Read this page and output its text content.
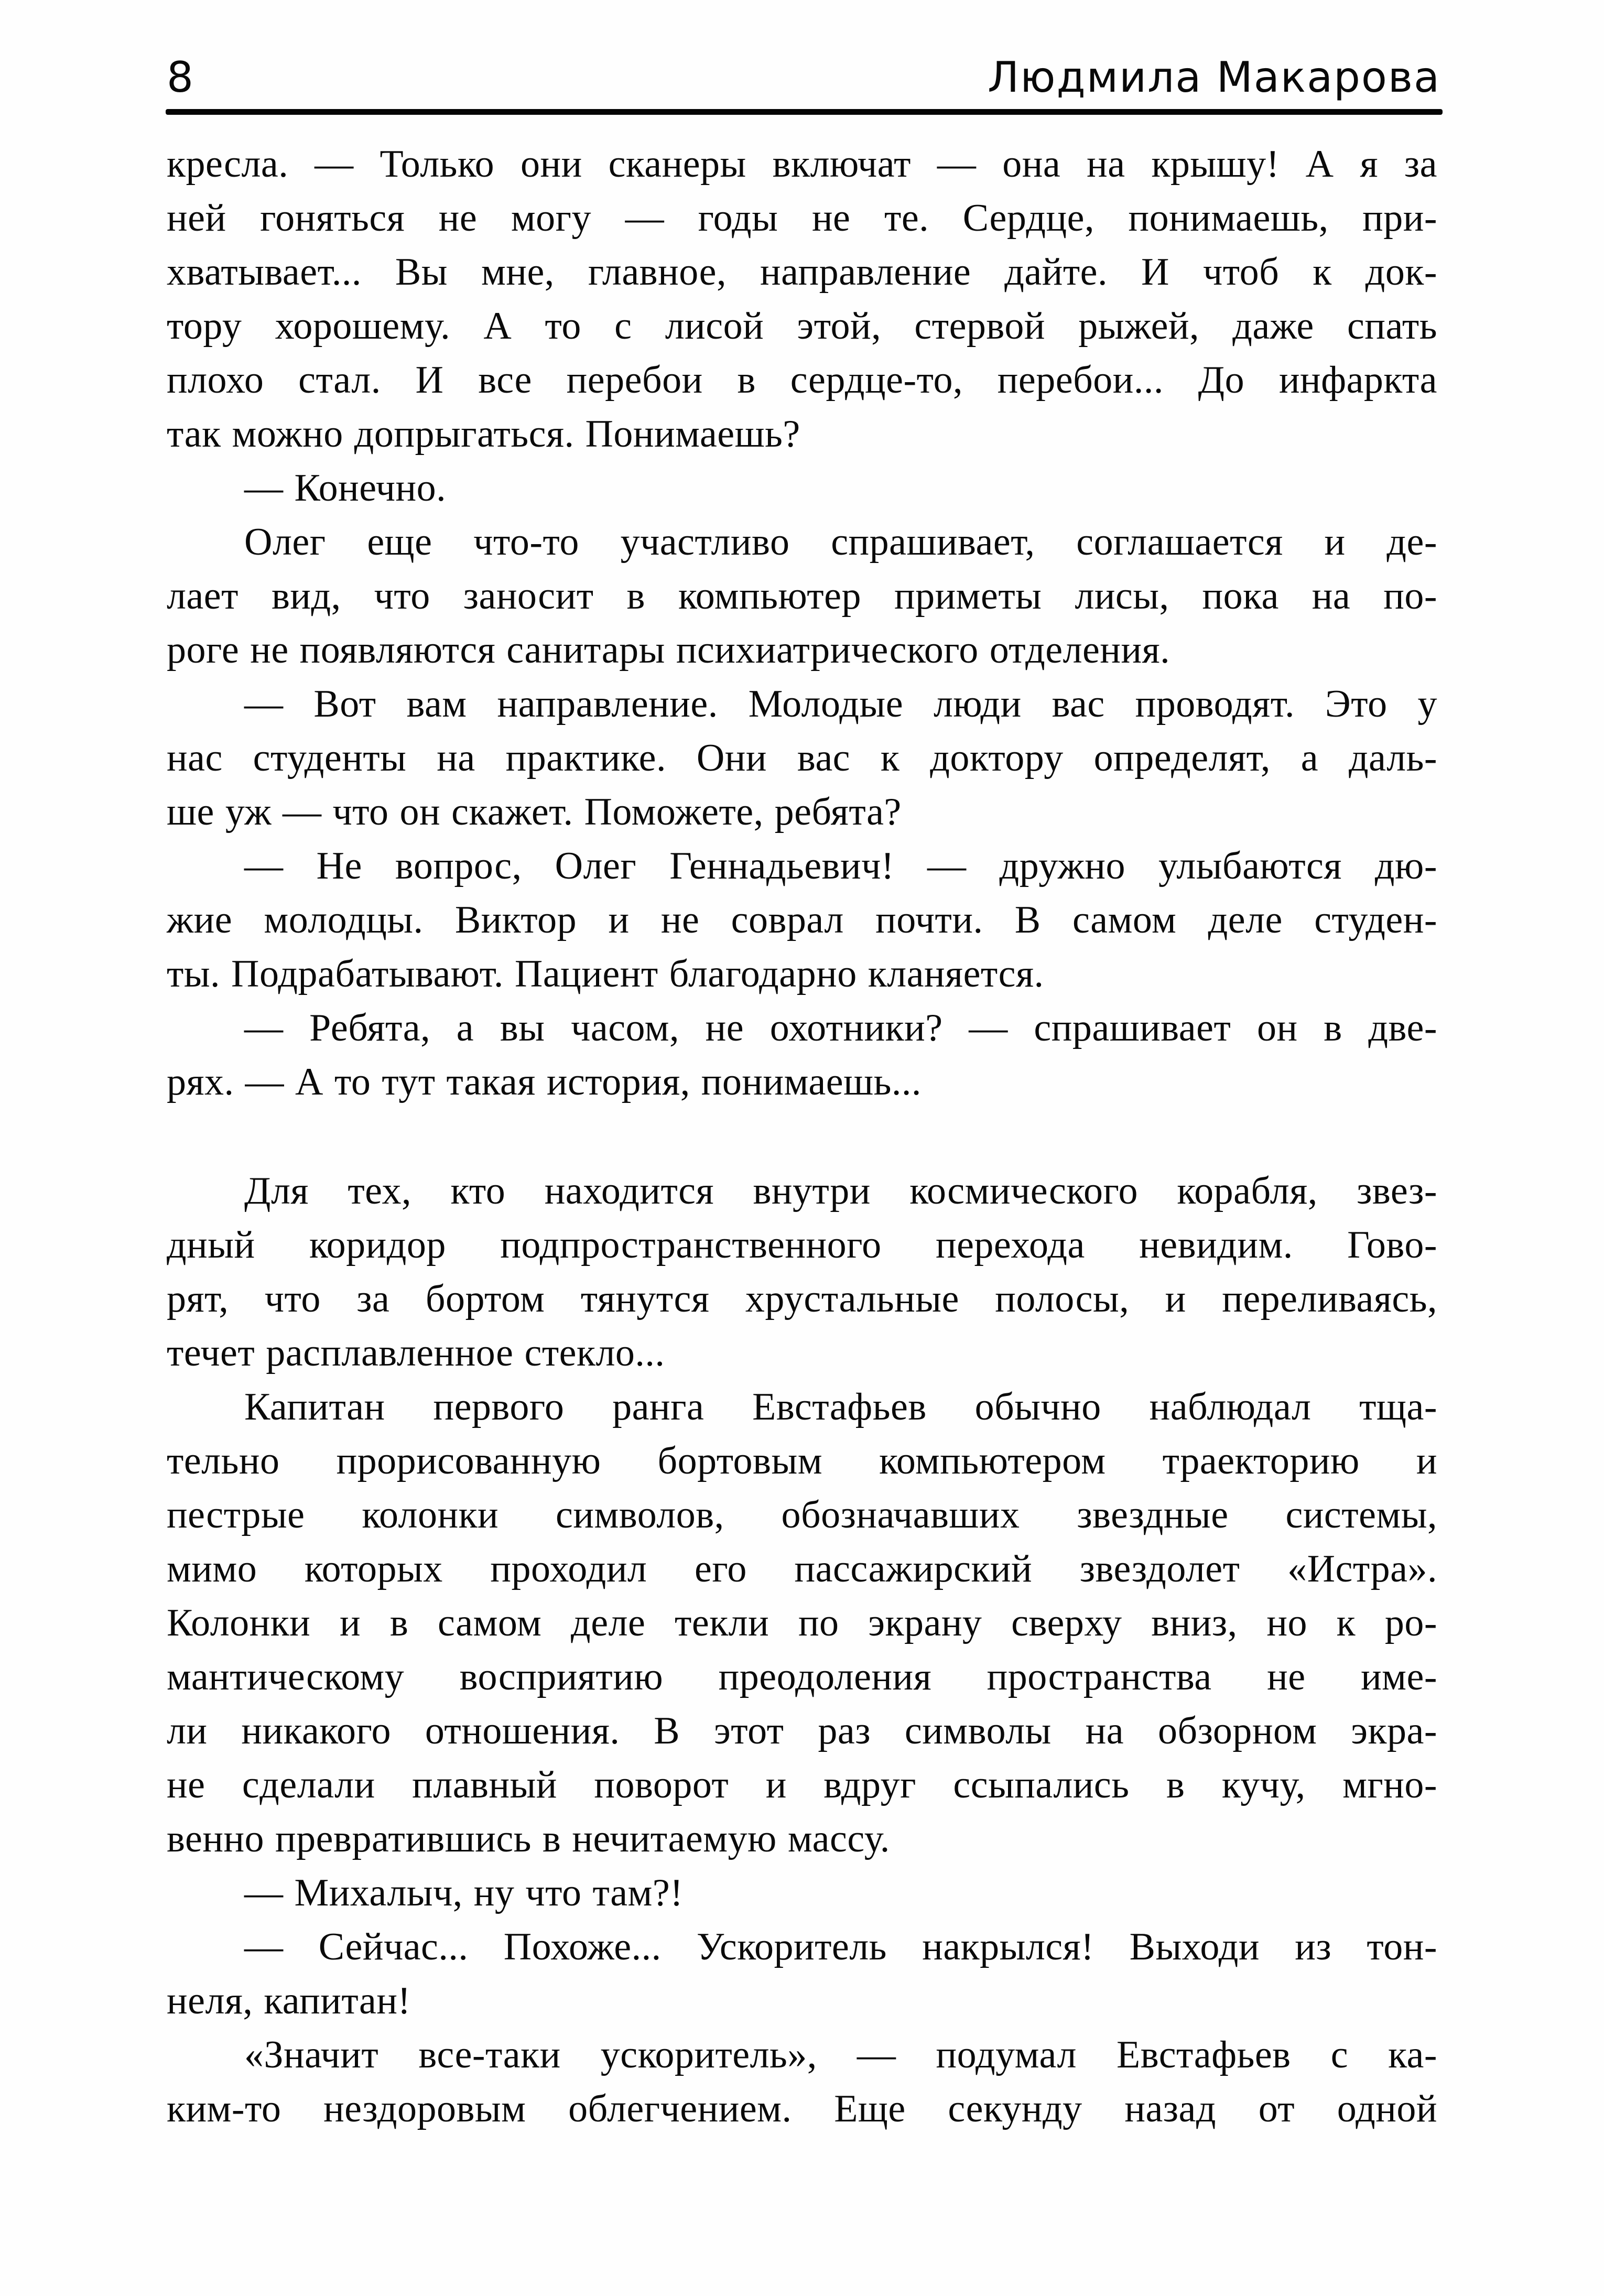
8	Людмила Макарова
кресла. — Только они сканеры включат — она на крышу! А я за
ней гоняться не могу — годы не те. Сердце, понимаешь, при-
хватывает... Вы мне, главное, направление дайте. И чтоб к док-
тору хорошему. А то с лисой этой, стервой рыжей, даже спать
плохо стал. И все перебои в сердце-то, перебои... До инфаркта
так можно допрыгаться. Понимаешь?
— Конечно.
Олег еще что-то участливо спрашивает, соглашается и де-
лает вид, что заносит в компьютер приметы лисы, пока на по-
роге не появляются санитары психиатрического отделения.
— Вот вам направление. Молодые люди вас проводят. Это у
нас студенты на практике. Они вас к доктору определят, а даль-
ше уж — что он скажет. Поможете, ребята?
— Не вопрос, Олег Геннадьевич! — дружно улыбаются дю-
жие молодцы. Виктор и не соврал почти. В самом деле студен-
ты. Подрабатывают. Пациент благодарно кланяется.
— Ребята, а вы часом, не охотники? — спрашивает он в две-
рях. — А то тут такая история, понимаешь...
Для тех, кто находится внутри космического корабля, звез-
дный коридор подпространственного перехода невидим. Гово-
рят, что за бортом тянутся хрустальные полосы, и переливаясь,
течет расплавленное стекло...
Капитан первого ранга Евстафьев обычно наблюдал тща-
тельно прорисованную бортовым компьютером траекторию и
пестрые колонки символов, обозначавших звездные системы,
мимо которых проходил его пассажирский звездолет «Истра».
Колонки и в самом деле текли по экрану сверху вниз, но к ро-
мантическому восприятию преодоления пространства не име-
ли никакого отношения. В этот раз символы на обзорном экра-
не сделали плавный поворот и вдруг ссыпались в кучу, мгно-
венно превратившись в нечитаемую массу.
— Михалыч, ну что там?!
— Сейчас... Похоже... Ускоритель накрылся! Выходи из тон-
неля, капитан!
«Значит все-таки ускоритель», — подумал Евстафьев с ка-
ким-то нездоровым облегчением. Еще секунду назад от одной
